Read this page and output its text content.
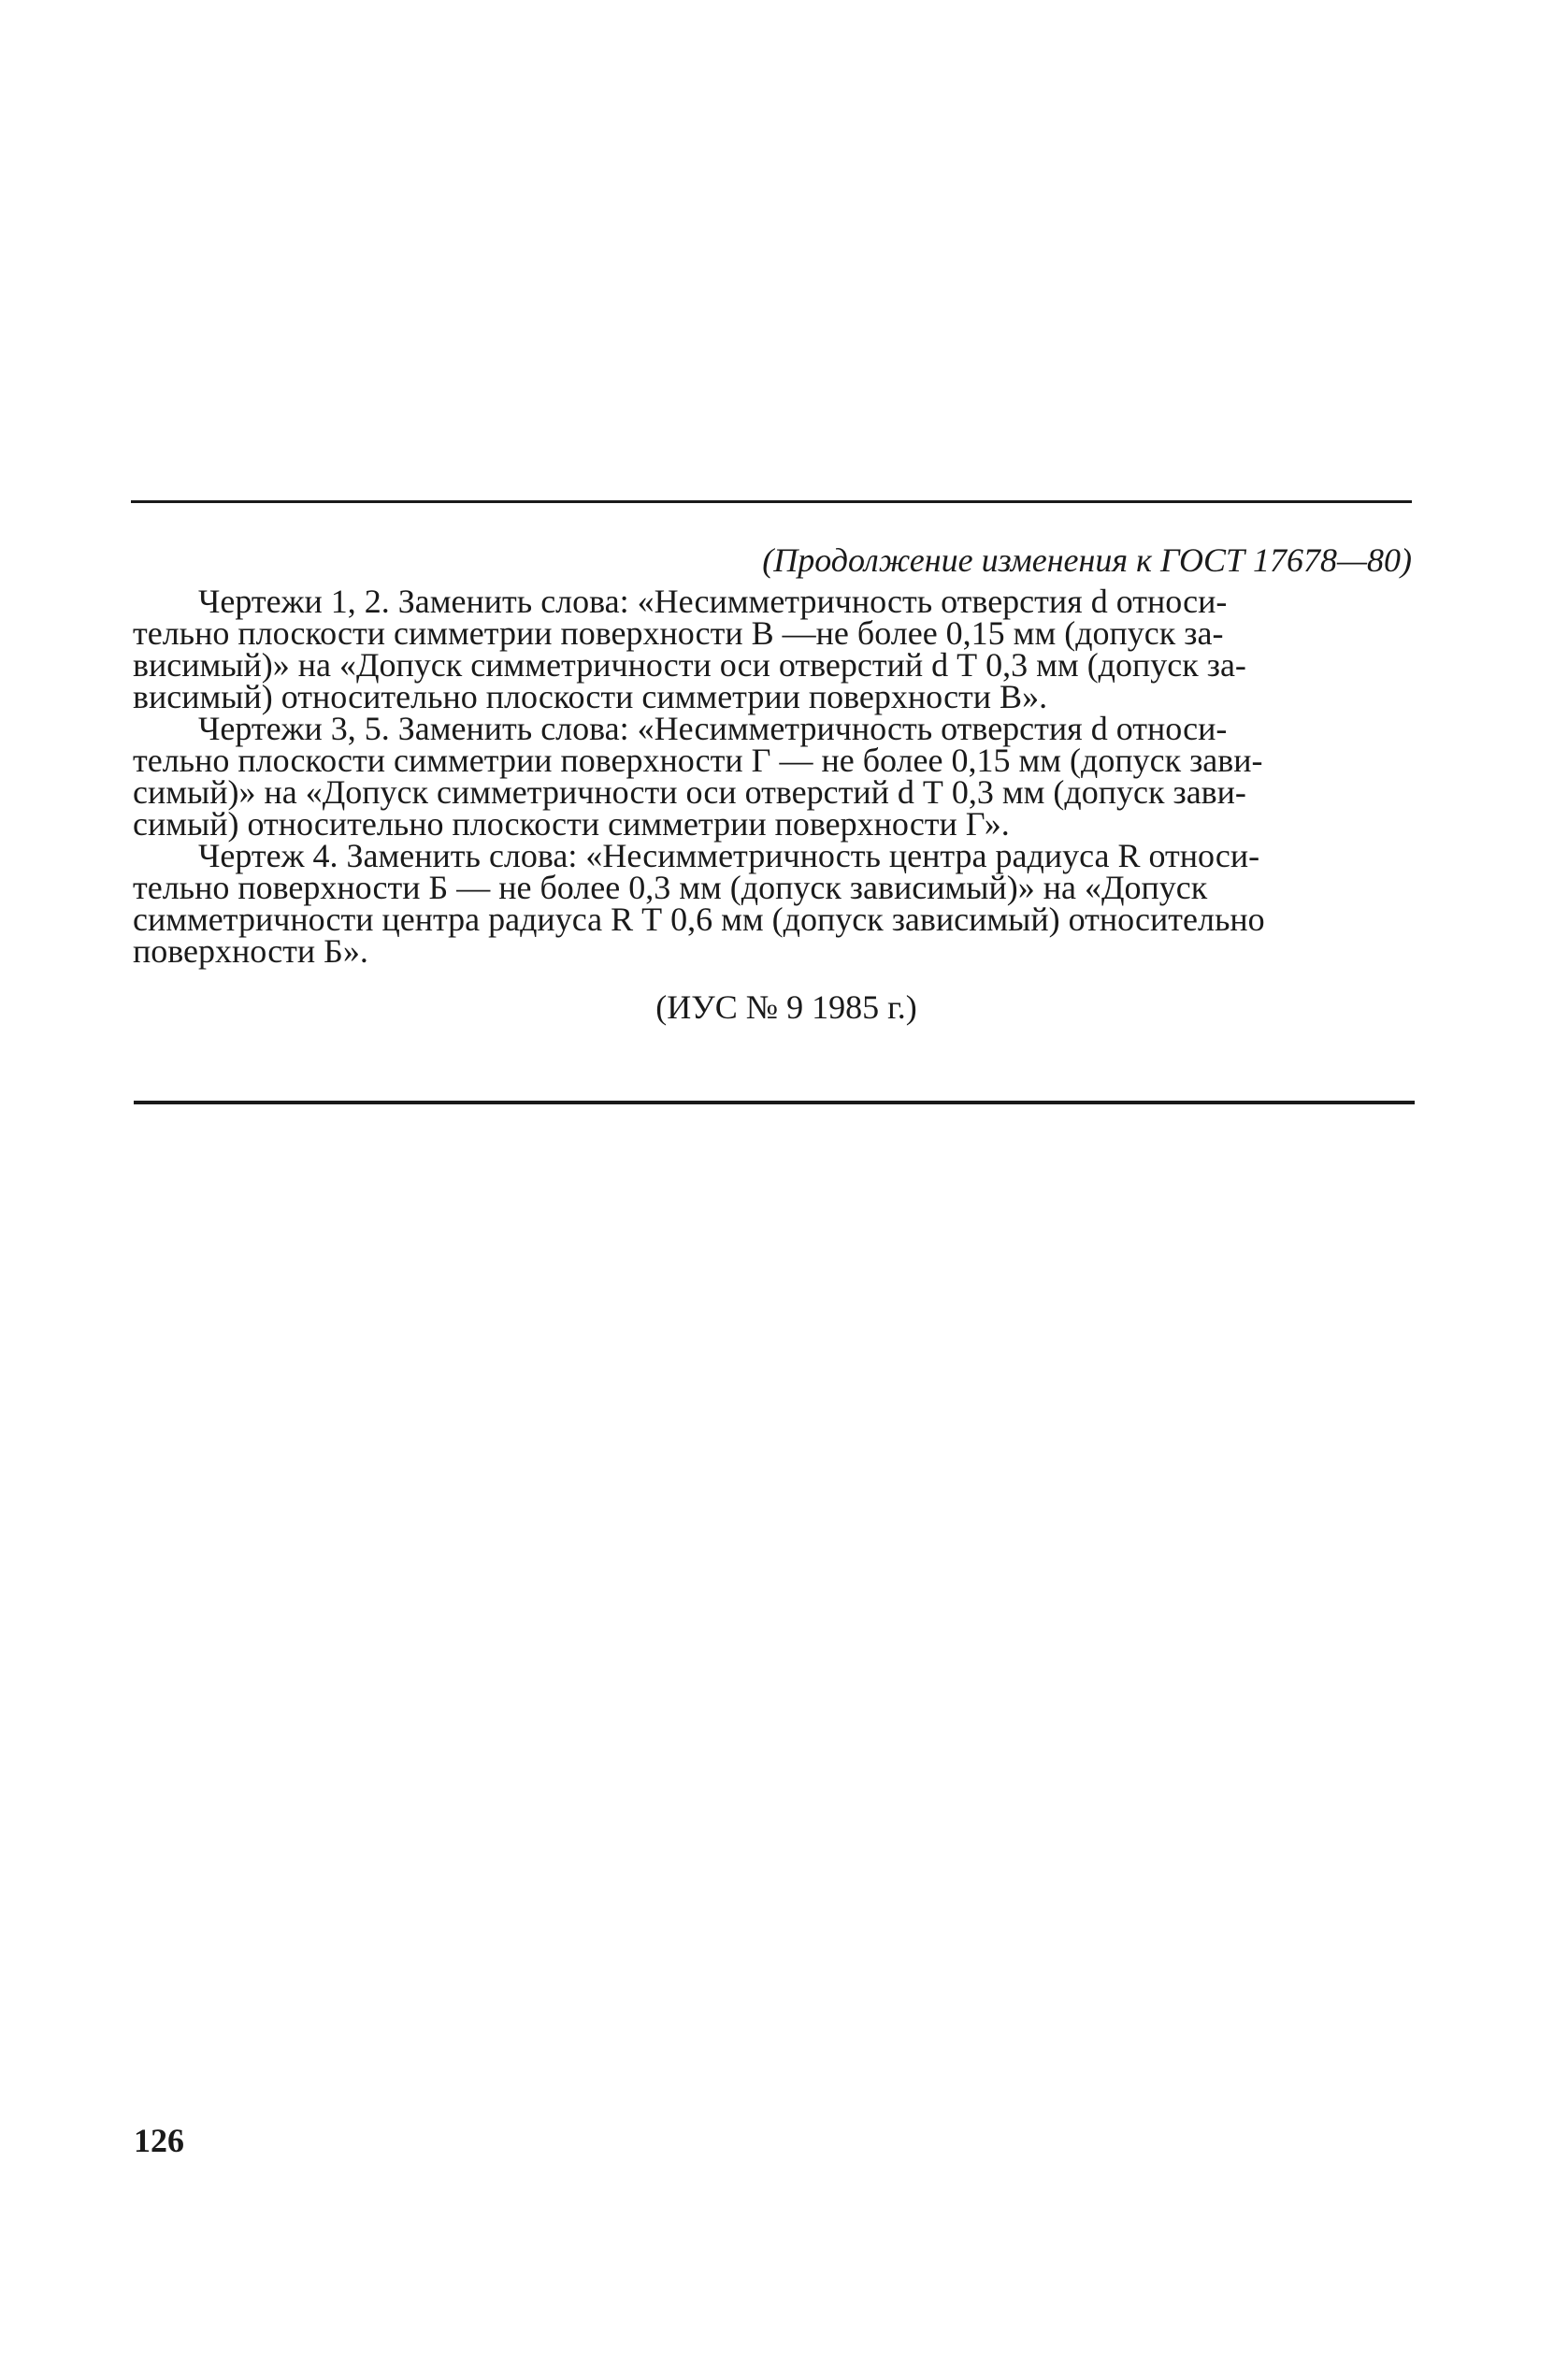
(Продолжение изменения к ГОСТ 17678—80)

Чертежи 1, 2. Заменить слова: «Несимметричность отверстия d относи-
тельно плоскости симметрии поверхности В —не более 0,15 мм (допуск за-
висимый)» на «Допуск симметричности оси отверстий d Т 0,3 мм (допуск за-
висимый) относительно плоскости симметрии поверхности В».

Чертежи 3, 5. Заменить слова: «Несимметричность отверстия d относи-
тельно плоскости симметрии поверхности Г — не более 0,15 мм (допуск зави-
симый)» на «Допуск симметричности оси отверстий d Т 0,3 мм (допуск зави-
симый) относительно плоскости симметрии поверхности Г».

Чертеж 4. Заменить слова: «Несимметричность центра радиуса R относи-
тельно поверхности Б — не более 0,3 мм (допуск зависимый)» на «Допуск
симметричности центра радиуса R Т 0,6 мм (допуск зависимый) относительно
поверхности Б».

(ИУС № 9 1985 г.)
126
